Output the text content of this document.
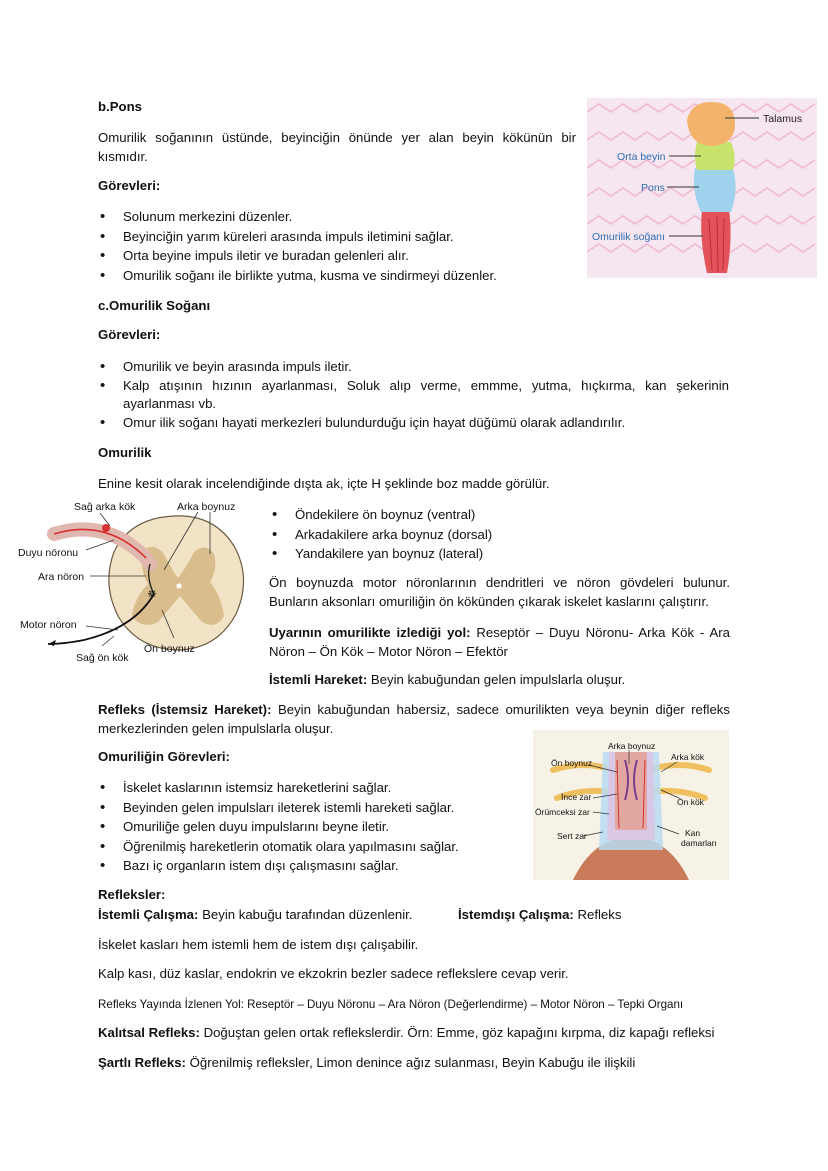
b.Pons
Omurilik soğanının üstünde, beyinciğin önünde yer alan beyin kökünün bir kısmıdır.
Görevleri:
• Solunum merkezini düzenler.
• Beyinciğin yarım küreleri arasında impuls iletimini sağlar.
• Orta beyine impuls iletir ve buradan gelenleri alır.
• Omurilik soğanı ile birlikte yutma, kusma ve sindirmeyi düzenler.
Talamus
Orta beyin
Pons
Omurilik soğanı
c.Omurilik Soğanı
Görevleri:
• Omurilik ve beyin arasında impuls iletir.
• Kalp atışının hızının ayarlanması, Soluk alıp verme, emmme, yutma, hıçkırma, kan şekerinin ayarlanması vb.
• Omur ilik soğanı hayati merkezleri bulundurduğu için hayat düğümü olarak adlandırılır.
Omurilik
Enine kesit olarak incelendiğinde dışta ak, içte H şeklinde boz madde görülür.
✵
Sağ arka kök	Arka boynuz
Duyu nöronu
Ara nöron
Motor nöron
Ön boynuz
Sağ ön kök
• Öndekilere ön boynuz (ventral)
• Arkadakilere arka boynuz (dorsal)
• Yandakilere yan boynuz (lateral)
Ön boynuzda motor nöronlarının dendritleri ve nöron gövdeleri bulunur. Bunların aksonları omuriliğin ön kökünden çıkarak iskelet kaslarını çalıştırır.
Uyarının omurilikte izlediği yol: Reseptör – Duyu Nöronu- Arka Kök - Ara Nöron – Ön Kök – Motor Nöron – Efektör
İstemli Hareket: Beyin kabuğundan gelen impulslarla oluşur.
Refleks (İstemsiz Hareket): Beyin kabuğundan habersiz, sadece omurilikten veya beynin diğer refleks merkezlerinden gelen impulslarla oluşur.
Omuriliğin Görevleri:
• İskelet kaslarının istemsiz hareketlerini sağlar.
• Beyinden gelen impulsları ileterek istemli hareketi sağlar.
• Omuriliğe gelen duyu impulslarını beyne iletir.
• Öğrenilmiş hareketlerin otomatik olara yapılmasını sağlar.
• Bazı iç organların istem dışı çalışmasını sağlar.
Arka boynuz
Ön boynuz
Arka kök
Ön kök
İnce zar
Örümceksi zar
Sert zar	Kan
damarları
Refleksler:
İstemli Çalışma: Beyin kabuğu tarafından düzenlenir.	İstemdışı Çalışma: Refleks
İskelet kasları hem istemli hem de istem dışı çalışabilir.
Kalp kası, düz kaslar, endokrin ve ekzokrin bezler sadece reflekslere cevap verir.
Refleks Yayında İzlenen Yol: Reseptör – Duyu Nöronu – Ara Nöron (Değerlendirme) – Motor Nöron – Tepki Organı
Kalıtsal Refleks: Doğuştan gelen ortak reflekslerdir. Örn: Emme, göz kapağını kırpma, diz kapağı refleksi
Şartlı Refleks: Öğrenilmiş refleksler, Limon denince ağız sulanması, Beyin Kabuğu ile ilişkili
